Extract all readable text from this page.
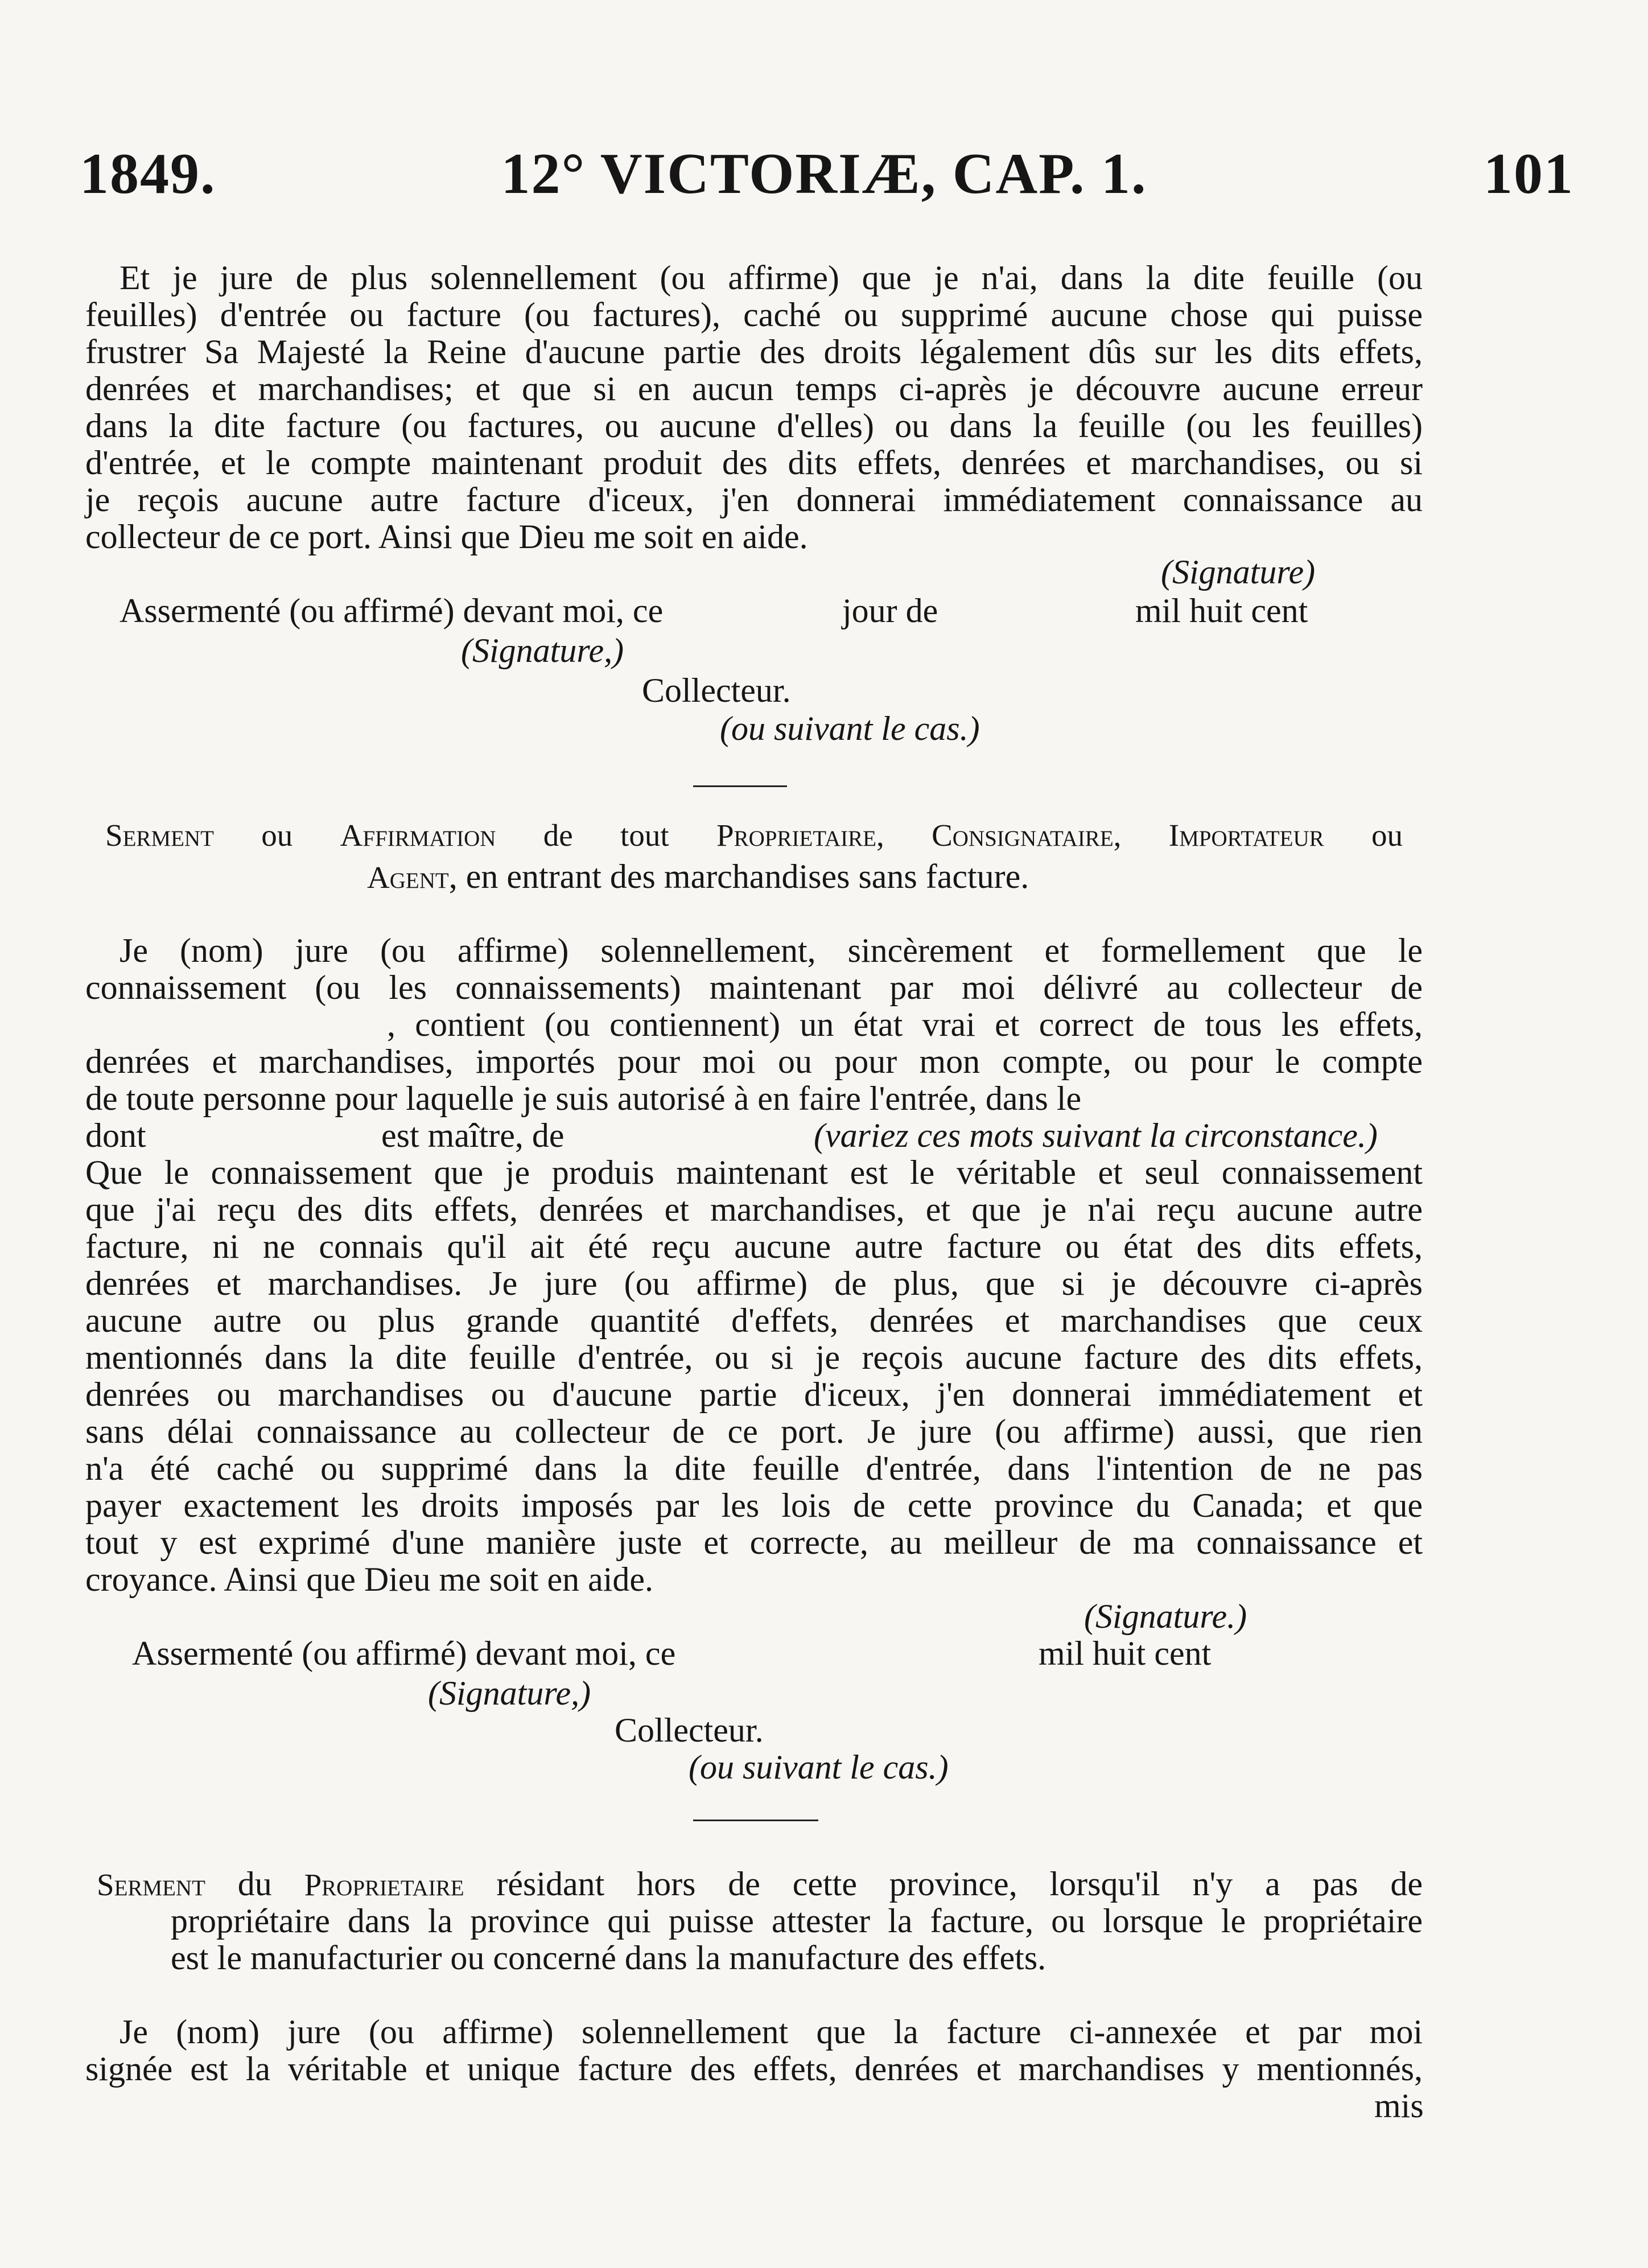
1849.	12° VICTORIÆ, CAP. 1.	101
Et je jure de plus solennellement (ou affirme) que je n'ai, dans la dite feuille (ou
feuilles) d'entrée ou facture (ou factures), caché ou supprimé aucune chose qui puisse
frustrer Sa Majesté la Reine d'aucune partie des droits légalement dûs sur les dits effets,
denrées et marchandises; et que si en aucun temps ci-après je découvre aucune erreur
dans la dite facture (ou factures, ou aucune d'elles) ou dans la feuille (ou les feuilles)
d'entrée, et le compte maintenant produit des dits effets, denrées et marchandises, ou si
je reçois aucune autre facture d'iceux, j'en donnerai immédiatement connaissance au
collecteur de ce port. Ainsi que Dieu me soit en aide.
(Signature)
Assermenté (ou affirmé) devant moi, ce	jour de	mil huit cent
(Signature,)
Collecteur.
(ou suivant le cas.)
Serment ou Affirmation de tout Proprietaire, Consignataire, Importateur ou
Agent, en entrant des marchandises sans facture.
Je (nom) jure (ou affirme) solennellement, sincèrement et formellement que le
connaissement (ou les connaissements) maintenant par moi délivré au collecteur de
, contient (ou contiennent) un état vrai et correct de tous les effets,
denrées et marchandises, importés pour moi ou pour mon compte, ou pour le compte
de toute personne pour laquelle je suis autorisé à en faire l'entrée, dans le
dont	est maître, de	(variez ces mots suivant la circonstance.)
Que le connaissement que je produis maintenant est le véritable et seul connaissement
que j'ai reçu des dits effets, denrées et marchandises, et que je n'ai reçu aucune autre
facture, ni ne connais qu'il ait été reçu aucune autre facture ou état des dits effets,
denrées et marchandises. Je jure (ou affirme) de plus, que si je découvre ci-après
aucune autre ou plus grande quantité d'effets, denrées et marchandises que ceux
mentionnés dans la dite feuille d'entrée, ou si je reçois aucune facture des dits effets,
denrées ou marchandises ou d'aucune partie d'iceux, j'en donnerai immédiatement et
sans délai connaissance au collecteur de ce port. Je jure (ou affirme) aussi, que rien
n'a été caché ou supprimé dans la dite feuille d'entrée, dans l'intention de ne pas
payer exactement les droits imposés par les lois de cette province du Canada; et que
tout y est exprimé d'une manière juste et correcte, au meilleur de ma connaissance et
croyance. Ainsi que Dieu me soit en aide.
(Signature.)
Assermenté (ou affirmé) devant moi, ce	mil huit cent
(Signature,)
Collecteur.
(ou suivant le cas.)
Serment du Proprietaire résidant hors de cette province, lorsqu'il n'y a pas de
propriétaire dans la province qui puisse attester la facture, ou lorsque le propriétaire
est le manufacturier ou concerné dans la manufacture des effets.
Je (nom) jure (ou affirme) solennellement que la facture ci-annexée et par moi
signée est la véritable et unique facture des effets, denrées et marchandises y mentionnés,
mis
